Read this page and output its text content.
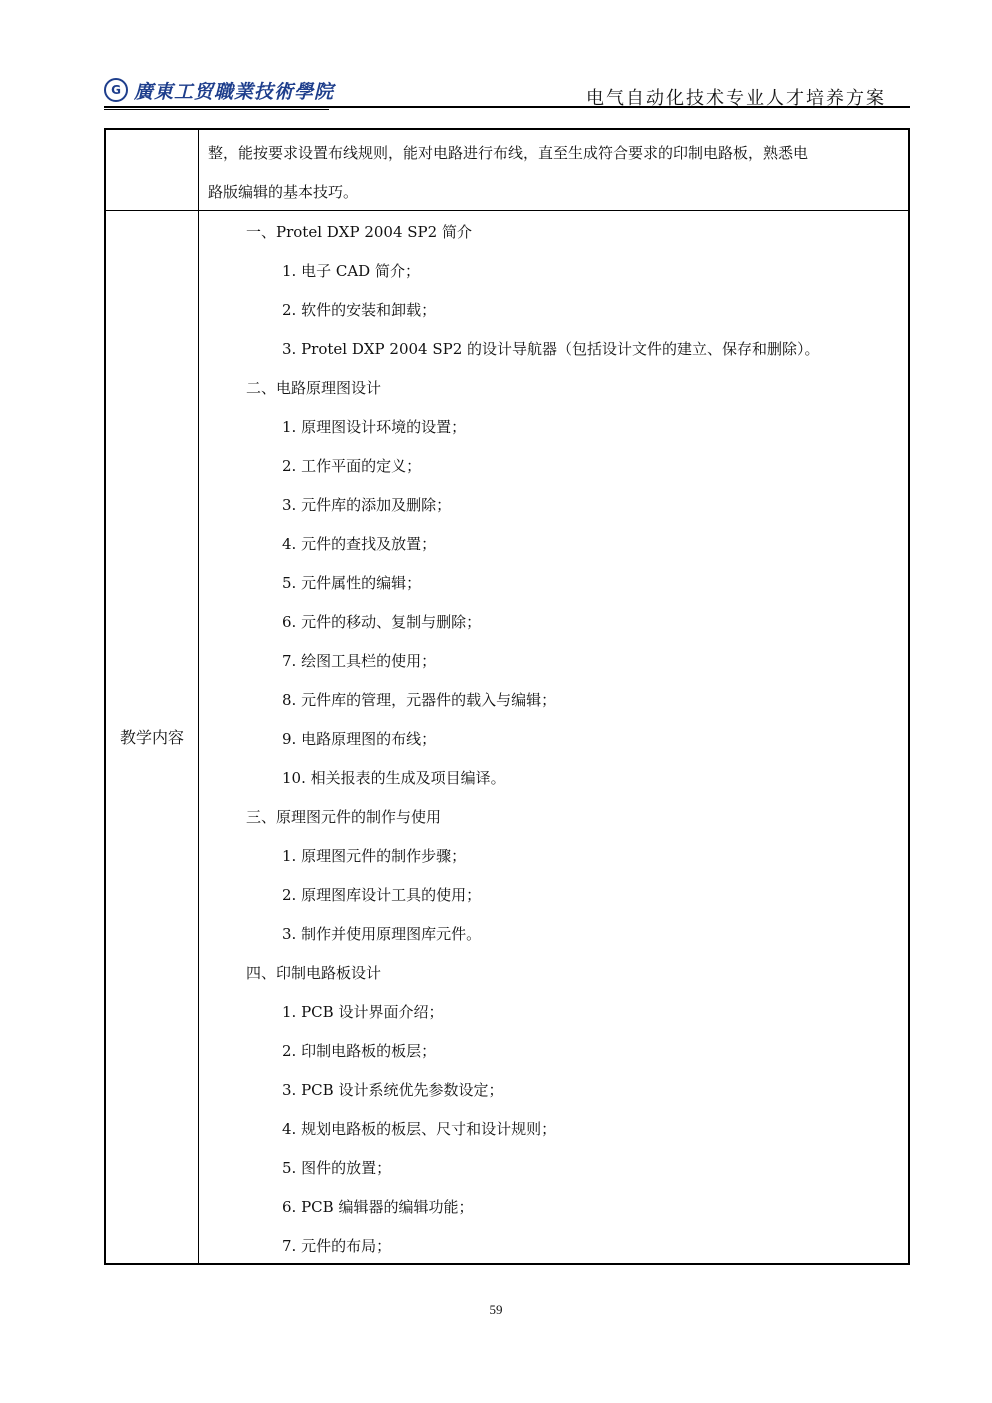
G 廣東工贸職業技術學院	电气自动化技术专业人才培养方案
整，能按要求设置布线规则，能对电路进行布线，直至生成符合要求的印制电路板，熟悉电
路版编辑的基本技巧。
教学内容
一、Protel DXP 2004 SP2 简介
1. 电子 CAD 简介；
2. 软件的安装和卸载；
3. Protel DXP 2004 SP2 的设计导航器（包括设计文件的建立、保存和删除）。
二、电路原理图设计
1. 原理图设计环境的设置；
2. 工作平面的定义；
3. 元件库的添加及删除；
4. 元件的查找及放置；
5. 元件属性的编辑；
6. 元件的移动、复制与删除；
7. 绘图工具栏的使用；
8. 元件库的管理，元器件的载入与编辑；
9. 电路原理图的布线；
10. 相关报表的生成及项目编译。
三、原理图元件的制作与使用
1. 原理图元件的制作步骤；
2. 原理图库设计工具的使用；
3. 制作并使用原理图库元件。
四、印制电路板设计
1. PCB 设计界面介绍；
2. 印制电路板的板层；
3. PCB 设计系统优先参数设定；
4. 规划电路板的板层、尺寸和设计规则；
5. 图件的放置；
6. PCB 编辑器的编辑功能；
7. 元件的布局；
59
